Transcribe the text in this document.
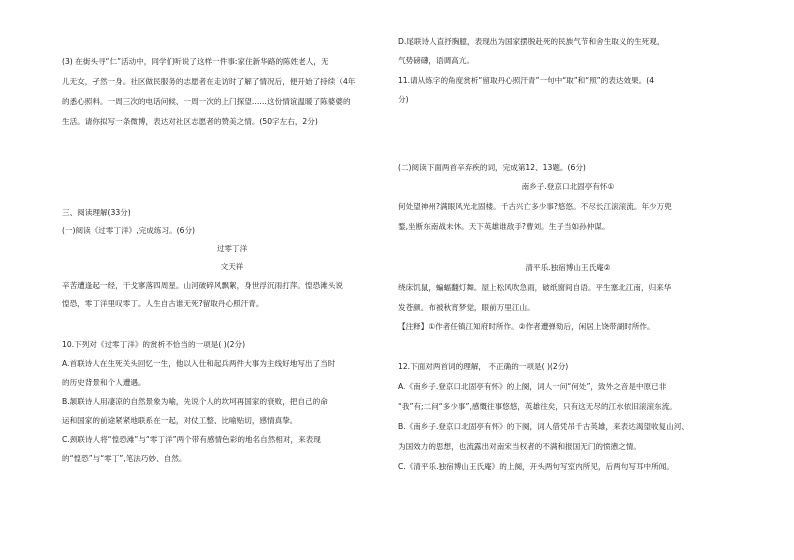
(3) 在街头寻“仁”活动中，同学们听说了这样一件事:家住新华路的陈姓老人，无
儿无女，孑然一身。社区做民服务的志愿者在走访时了解了情况后，便开始了持续（4年
的悉心照料。一周三次的电话问候、一周一次的上门探望……这份情谊温暖了陈婆婆的
生活。请你拟写一条微博，表达对社区志愿者的赞美之情。(50字左右，2分)
三、阅读理解(33分)
(一)阅读《过零丁洋》,完成练习。(6分)
过零丁洋
文天祥
辛苦遭逢起一经，干戈寥落四周星。山河破碎风飘絮，身世浮沉雨打萍。惶恐滩头说
惶恐，零丁洋里叹零丁。人生自古谁无死?留取丹心照汗青。
10.下列对《过零丁洋》的赏析不恰当的一项是( )(2分)
A.首联诗人在生死关头回忆一生，他以入仕和起兵两件大事为主线好地写出了当时
的历史背景和个人遭遇。
B.颔联诗人用凄凉的自然景象为喻，先说个人的坎坷再国家的衰败，把自己的命
运和国家的前途紧紧地联系在一起，对仗工整、比喻贴切，感情真挚。
C.颈联诗人将“惶恐滩”与“零丁洋”两个带有感情色彩的地名自然相对，来表现
的“惶恐”与“零丁”,笔法巧妙、自然。
D.尾联诗人直抒胸臆，表现出为国家摆脱赴死的民族气节和舍生取义的生死观，
气势磅礴，语调高亢。
11.请从炼字的角度赏析“留取丹心照汗青”一句中“取”和“照”的表达效果。(4
分)
(二)阅读下面两首辛弃疾的词，完成第12、13题。(6分)
南乡子.登京口北固亭有怀①
何处望神州?满眼风光北固楼。千古兴亡多少事?悠悠。不尽长江滚滚流。年少万兜
鍪,坐断东南战未休。天下英雄谁敌手?曹刘。生子当如孙仲谋。
清平乐.独宿博山王氏庵②
绕床饥鼠，蝙蝠翻灯舞。屋上松风吹急雨，破纸窗间自语。平生塞北江南，归来华
发苍颜。布被秋宵梦觉，眼前万里江山。
【注释】①作者任镇江知府时所作。②作者遭弹劾后，闲居上饶带湖时所作。
12.下面对两首词的理解， 不正确的一项是( )(2分)
A.《南乡子.登京口北固亭有怀》的上阕，词人一问“何处”，致外之音是中原已非
“我”有;二问“多少事”,感慨往事悠悠，英雄往矣，只有这无尽的江水依旧滚滚东流。
B.《南乡子.登京口北固亭有怀》的下阕，词人借凭吊千古英雄，来表达渴望收复山河、
为国效力的思想，也流露出对南宋当权者的不满和报国无门的愤懑之情。
C.《清平乐.独宿博山王氏庵》的上阕，开头两句写室内所见，后两句写耳中所闻。
